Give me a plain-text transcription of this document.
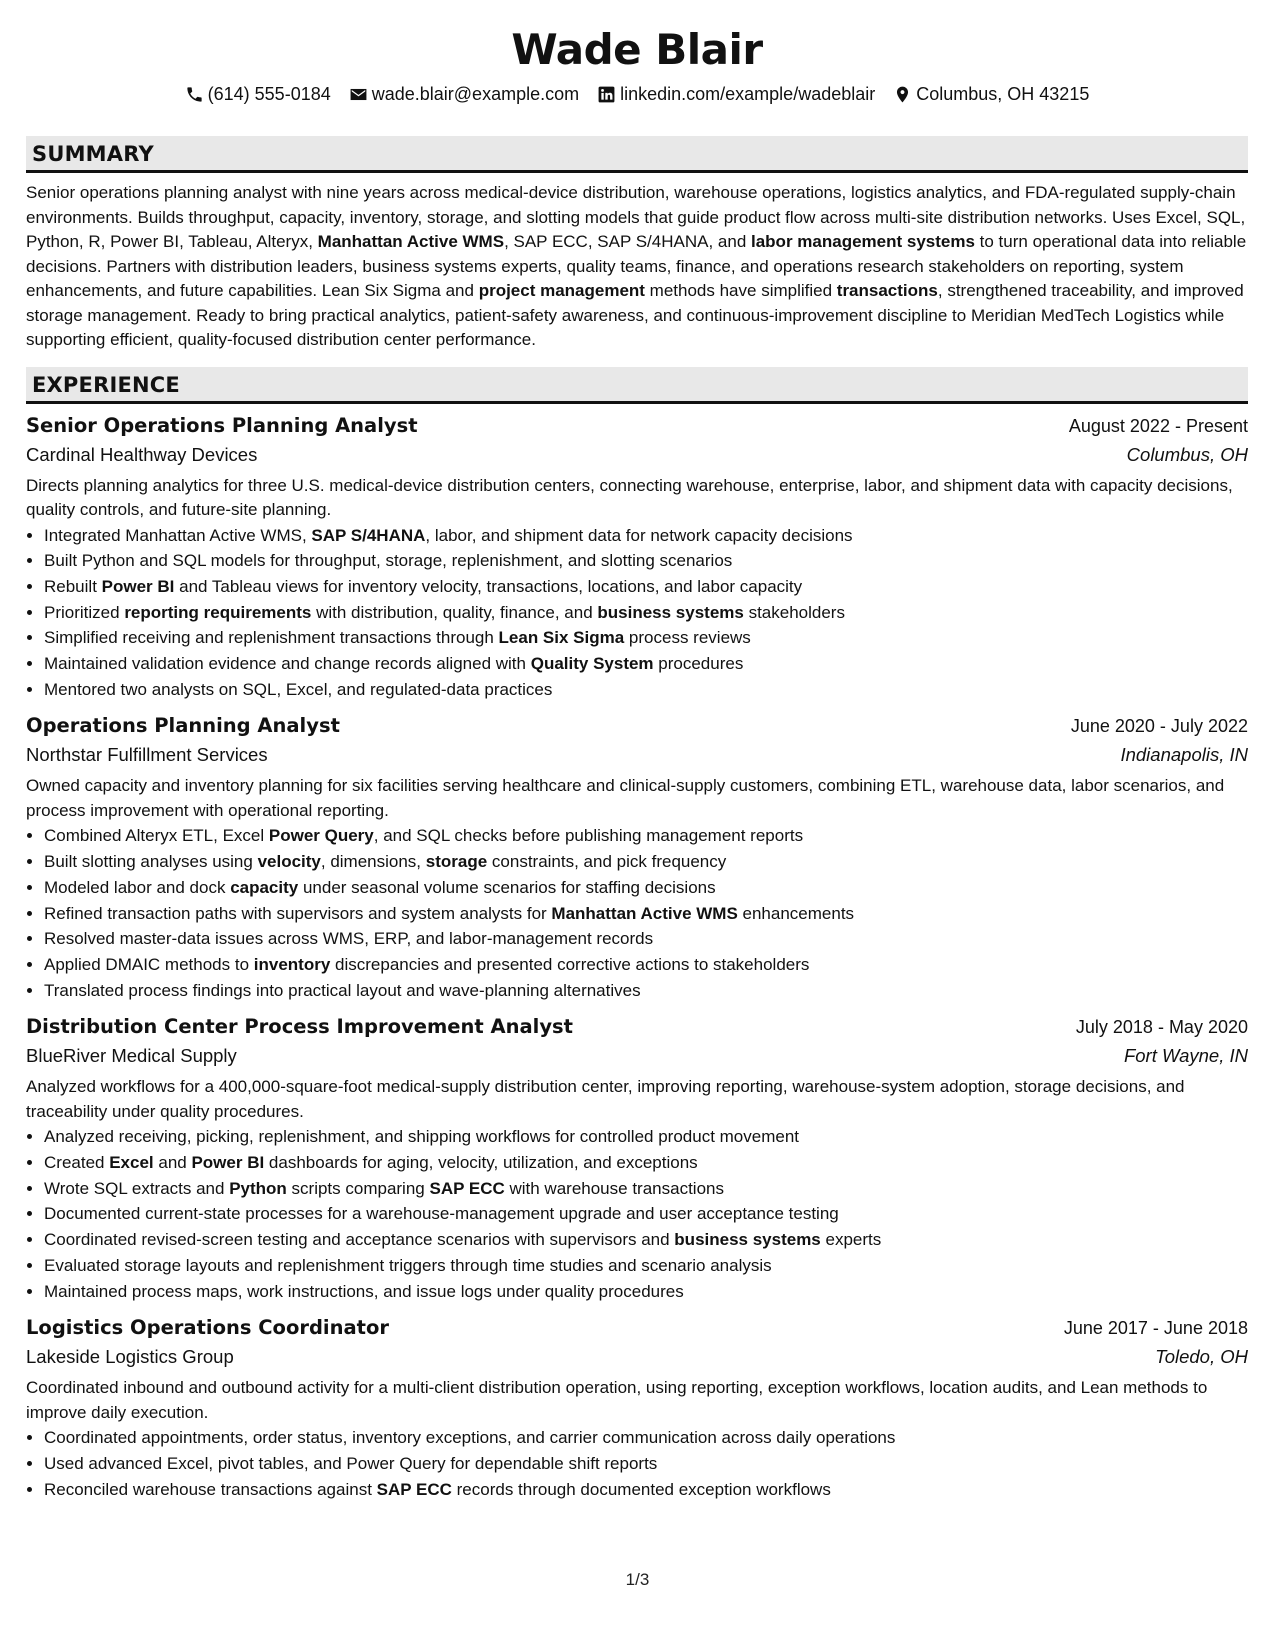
Wade Blair
(614) 555-0184 wade.blair@example.com linkedin.com/example/wadeblair Columbus, OH 43215
SUMMARY
Senior operations planning analyst with nine years across medical-device distribution, warehouse operations, logistics analytics, and FDA-regulated supply-chain environments. Builds throughput, capacity, inventory, storage, and slotting models that guide product flow across multi-site distribution networks. Uses Excel, SQL, Python, R, Power BI, Tableau, Alteryx, Manhattan Active WMS, SAP ECC, SAP S/4HANA, and labor management systems to turn operational data into reliable decisions. Partners with distribution leaders, business systems experts, quality teams, finance, and operations research stakeholders on reporting, system enhancements, and future capabilities. Lean Six Sigma and project management methods have simplified transactions, strengthened traceability, and improved storage management. Ready to bring practical analytics, patient-safety awareness, and continuous-improvement discipline to Meridian MedTech Logistics while supporting efficient, quality-focused distribution center performance.
EXPERIENCE
Senior Operations Planning Analyst	August 2022 - Present
Cardinal Healthway Devices	Columbus, OH
Directs planning analytics for three U.S. medical-device distribution centers, connecting warehouse, enterprise, labor, and shipment data with capacity decisions, quality controls, and future-site planning.
• Integrated Manhattan Active WMS, SAP S/4HANA, labor, and shipment data for network capacity decisions
• Built Python and SQL models for throughput, storage, replenishment, and slotting scenarios
• Rebuilt Power BI and Tableau views for inventory velocity, transactions, locations, and labor capacity
• Prioritized reporting requirements with distribution, quality, finance, and business systems stakeholders
• Simplified receiving and replenishment transactions through Lean Six Sigma process reviews
• Maintained validation evidence and change records aligned with Quality System procedures
• Mentored two analysts on SQL, Excel, and regulated-data practices
Operations Planning Analyst	June 2020 - July 2022
Northstar Fulfillment Services	Indianapolis, IN
Owned capacity and inventory planning for six facilities serving healthcare and clinical-supply customers, combining ETL, warehouse data, labor scenarios, and process improvement with operational reporting.
• Combined Alteryx ETL, Excel Power Query, and SQL checks before publishing management reports
• Built slotting analyses using velocity, dimensions, storage constraints, and pick frequency
• Modeled labor and dock capacity under seasonal volume scenarios for staffing decisions
• Refined transaction paths with supervisors and system analysts for Manhattan Active WMS enhancements
• Resolved master-data issues across WMS, ERP, and labor-management records
• Applied DMAIC methods to inventory discrepancies and presented corrective actions to stakeholders
• Translated process findings into practical layout and wave-planning alternatives
Distribution Center Process Improvement Analyst	July 2018 - May 2020
BlueRiver Medical Supply	Fort Wayne, IN
Analyzed workflows for a 400,000-square-foot medical-supply distribution center, improving reporting, warehouse-system adoption, storage decisions, and traceability under quality procedures.
• Analyzed receiving, picking, replenishment, and shipping workflows for controlled product movement
• Created Excel and Power BI dashboards for aging, velocity, utilization, and exceptions
• Wrote SQL extracts and Python scripts comparing SAP ECC with warehouse transactions
• Documented current-state processes for a warehouse-management upgrade and user acceptance testing
• Coordinated revised-screen testing and acceptance scenarios with supervisors and business systems experts
• Evaluated storage layouts and replenishment triggers through time studies and scenario analysis
• Maintained process maps, work instructions, and issue logs under quality procedures
Logistics Operations Coordinator	June 2017 - June 2018
Lakeside Logistics Group	Toledo, OH
Coordinated inbound and outbound activity for a multi-client distribution operation, using reporting, exception workflows, location audits, and Lean methods to improve daily execution.
• Coordinated appointments, order status, inventory exceptions, and carrier communication across daily operations
• Used advanced Excel, pivot tables, and Power Query for dependable shift reports
• Reconciled warehouse transactions against SAP ECC records through documented exception workflows
1/3
